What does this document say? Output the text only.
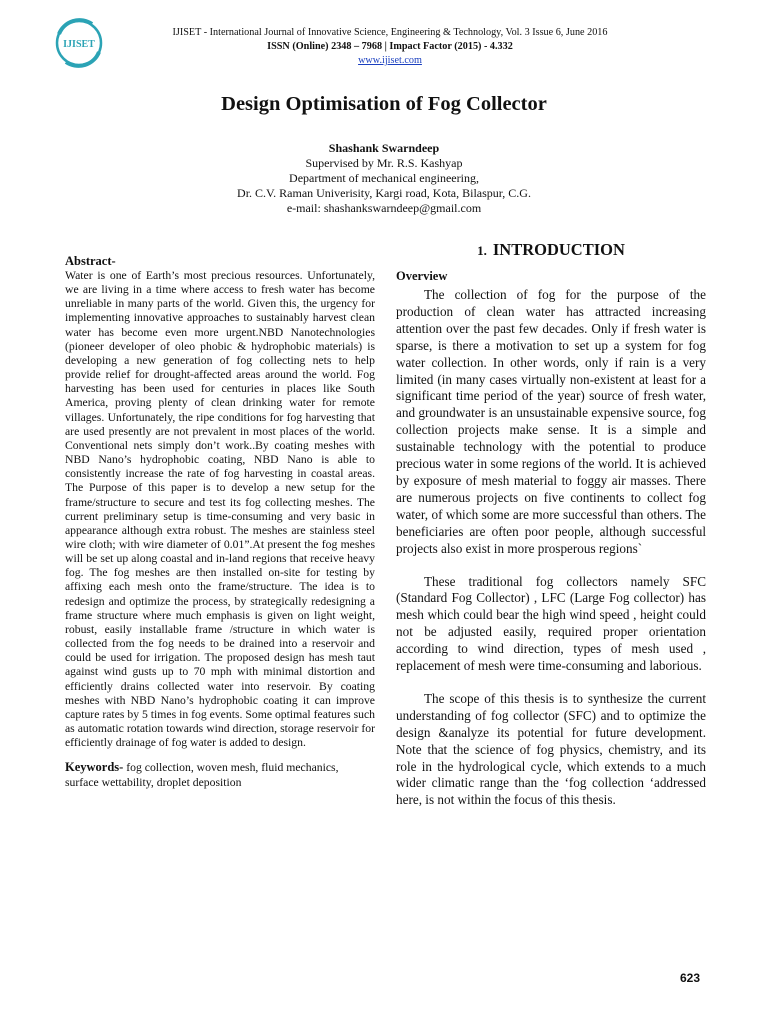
IJISET
IJISET - International Journal of Innovative Science, Engineering & Technology, Vol. 3 Issue 6, June 2016
ISSN (Online) 2348 – 7968 | Impact Factor (2015) - 4.332
www.ijiset.com
Design Optimisation of Fog Collector
Shashank Swarndeep
Supervised by Mr. R.S. Kashyap
Department of mechanical engineering,
Dr. C.V. Raman Univerisity, Kargi road, Kota, Bilaspur, C.G.
e-mail: shashankswarndeep@gmail.com
Abstract-

Water is one of Earth’s most precious resources. Unfortunately, we are living in a time where access to fresh water has become unreliable in many parts of the world. Given this, the urgency for implementing innovative approaches to sustainably harvest clean water has become even more urgent.NBD Nanotechnologies (pioneer developer of oleo phobic & hydrophobic materials) is developing a new generation of fog collecting nets to help provide relief for drought-affected areas around the world. Fog harvesting has been used for centuries in places like South America, proving plenty of clean drinking water for remote villages. Unfortunately, the ripe conditions for fog harvesting that are used presently are not prevalent in most places of the world. Conventional nets simply don’t work..By coating meshes with NBD Nano’s hydrophobic coating, NBD Nano is able to consistently increase the rate of fog harvesting in coastal areas. The Purpose of this paper is to develop a new setup for the frame/structure to secure and test its fog collecting meshes. The current preliminary setup is time-consuming and very basic in appearance although extra robust. The meshes are stainless steel wire cloth; with wire diameter of 0.01”.At present the fog meshes will be set up along coastal and in-land regions that receive heavy fog. The fog meshes are then installed on-site for testing by affixing each mesh onto the frame/structure. The idea is to redesign and optimize the process, by strategically redesigning a frame structure where much emphasis is given on light weight, robust, easily installable frame /structure in which water is collected from the fog needs to be drained into a reservoir and could be used for irrigation. The proposed design has mesh taut against wind gusts up to 70 mph with minimal distortion and efficiently drains collected water into reservoir. By coating meshes with NBD Nano’s hydrophobic coating it can improve capture rates by 5 times in fog events. Some optimal features such as automatic rotation towards wind direction, storage reservoir for efficiently drainage of fog water is added to design.

Keywords- fog collection, woven mesh, fluid mechanics, surface wettability, droplet deposition
1. INTRODUCTION
Overview

The collection of fog for the purpose of the production of clean water has attracted increasing attention over the past few decades. Only if fresh water is sparse, is there a motivation to set up a system for fog water collection. In other words, only if rain is a very limited (in many cases virtually non-existent at least for a significant time period of the year) source of fresh water, and groundwater is an unsustainable expensive source, fog collection projects make sense. It is a simple and sustainable technology with the potential to produce precious water in some regions of the world. It is achieved by exposure of mesh material to foggy air masses. There are numerous projects on five continents to collect fog water, of which some are more successful than others. The beneficiaries are often poor people, although successful projects also exist in more prosperous regions`

These traditional fog collectors namely SFC (Standard Fog Collector) , LFC (Large Fog collector) has mesh which could bear the high wind speed , height could not be adjusted easily, required proper orientation according to wind direction, types of mesh used , replacement of mesh were time-consuming and laborious.

The scope of this thesis is to synthesize the current understanding of fog collector (SFC) and to optimize the design &analyze its potential for future development. Note that the science of fog physics, chemistry, and its role in the hydrological cycle, which extends to a much wider climatic range than the ‘fog collection ‘addressed here, is not within the focus of this thesis.

623
